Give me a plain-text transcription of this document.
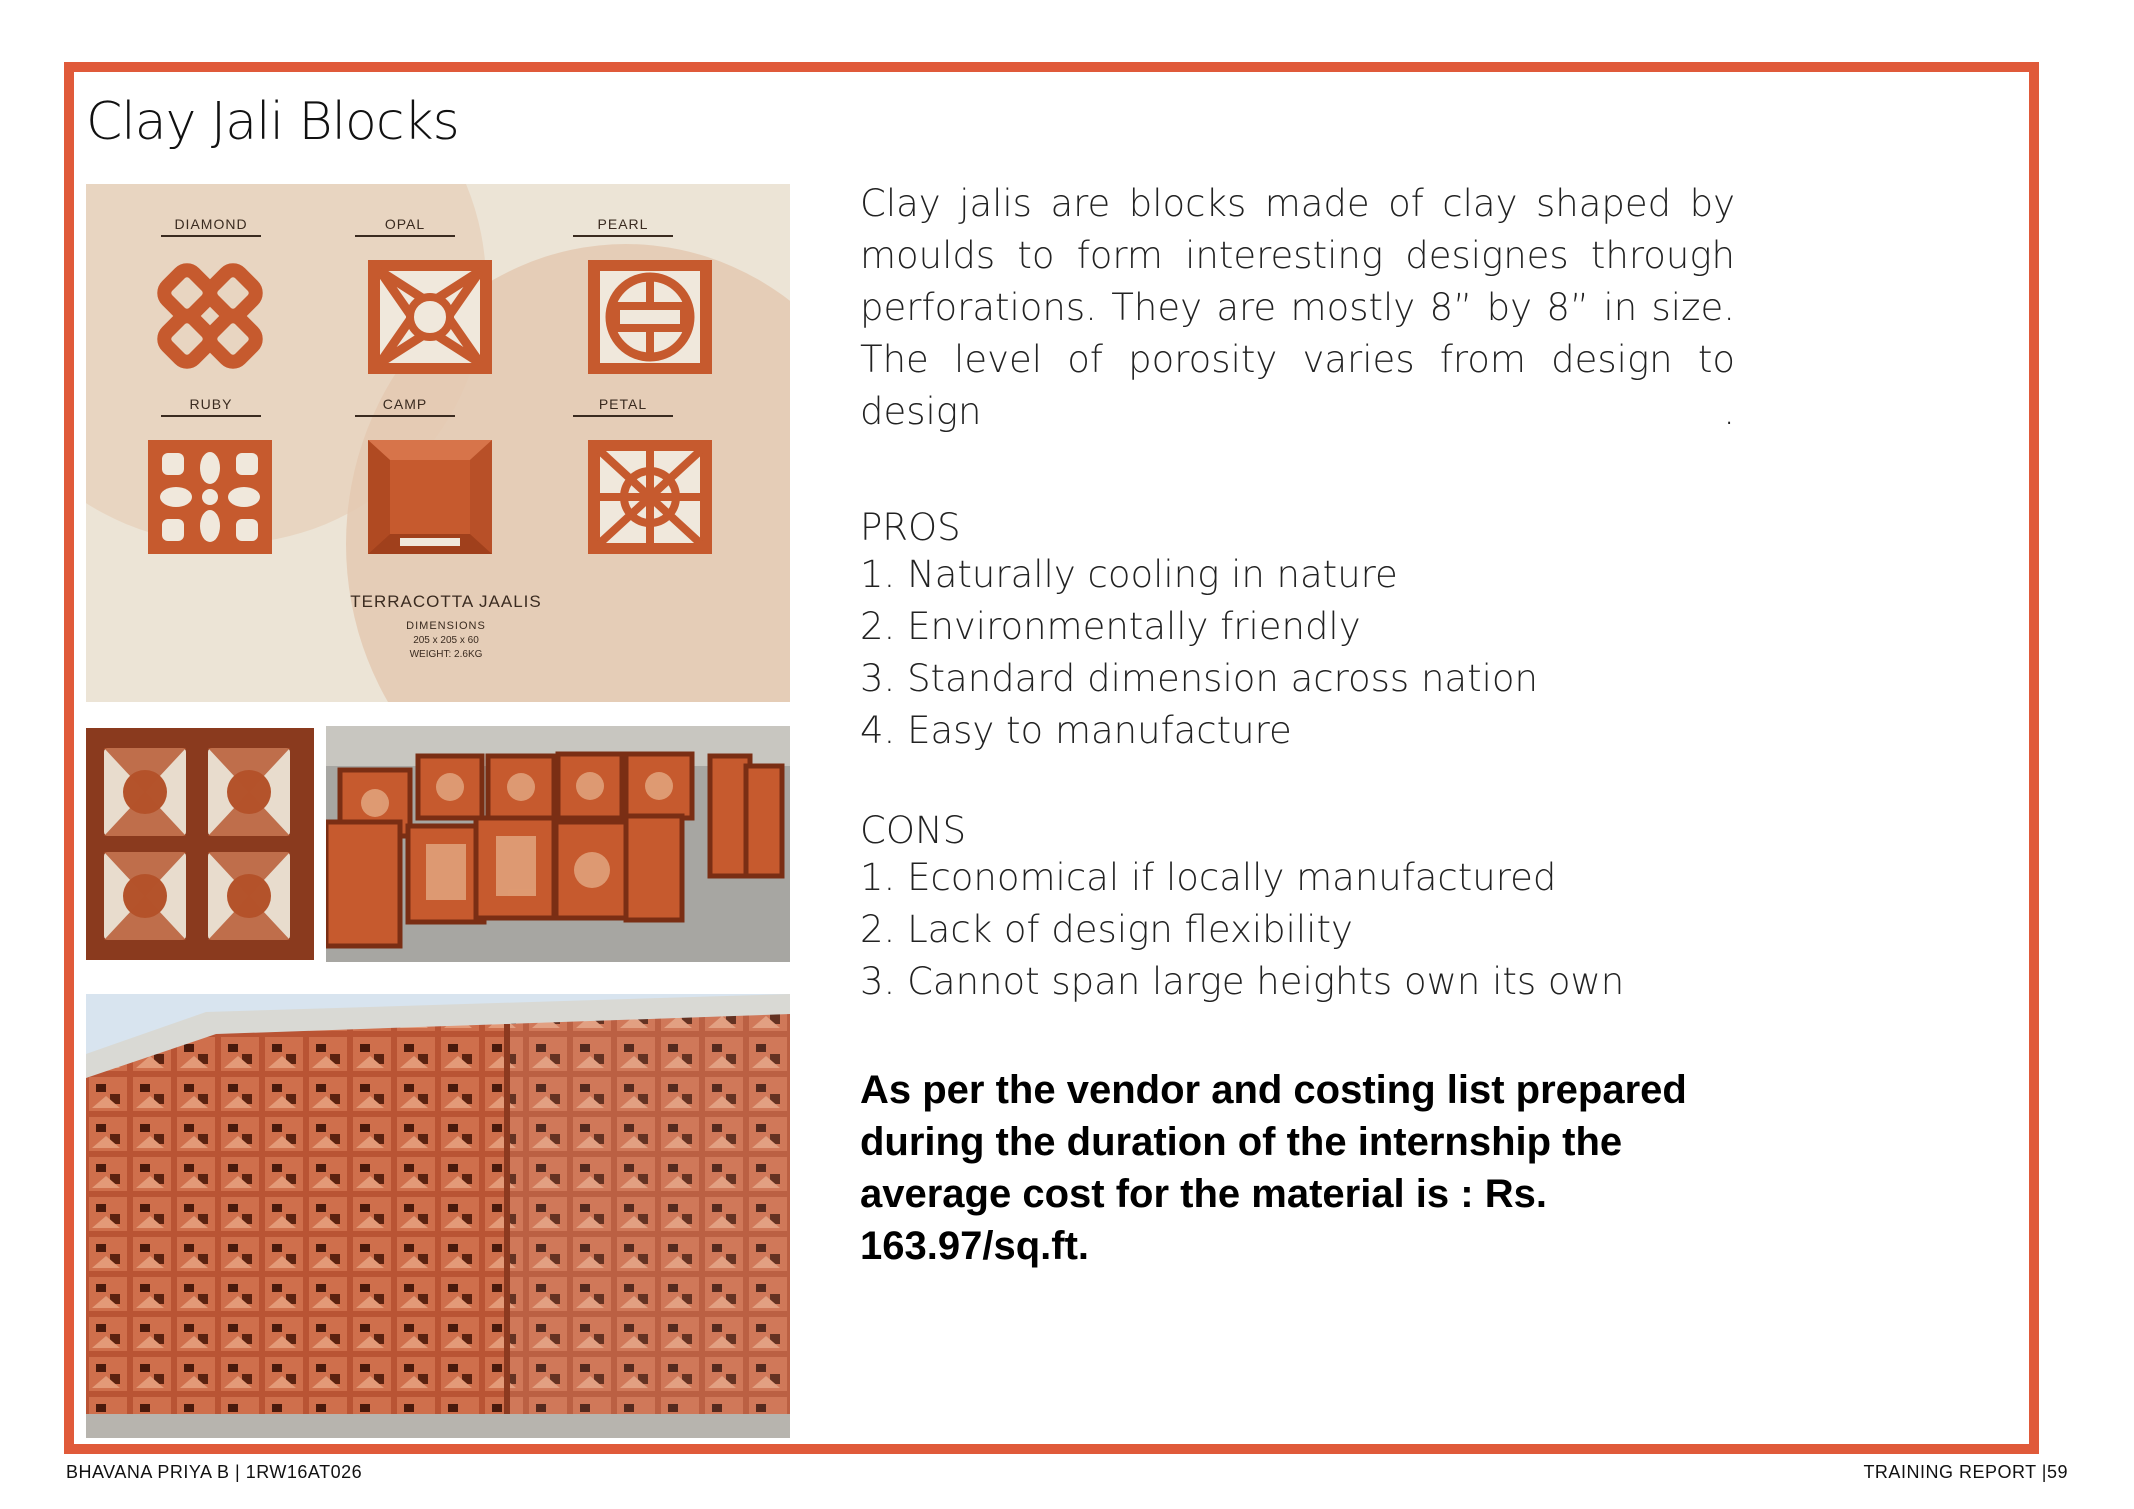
Clay Jali Blocks
DIAMOND	OPAL	PEARL
RUBY	CAMP	PETAL
TERRACOTTA JAALIS
DIMENSIONS
205 x 205 x 60
WEIGHT: 2.6KG

Clay jalis are blocks made of clay shaped by moulds to form interesting designes through perforations. They are mostly 8” by 8” in size. The level of porosity varies from design to design .

PROS
1. Naturally cooling in nature
2. Environmentally friendly
3. Standard dimension across nation
4. Easy to manufacture
CONS
1. Economical if locally manufactured
2. Lack of design flexibility
3. Cannot span large heights own its own

As per the vendor and costing list prepared during the duration of the internship the average cost for the material is : Rs. 163.97/sq.ft.

BHAVANA PRIYA B | 1RW16AT026	TRAINING REPORT |59
